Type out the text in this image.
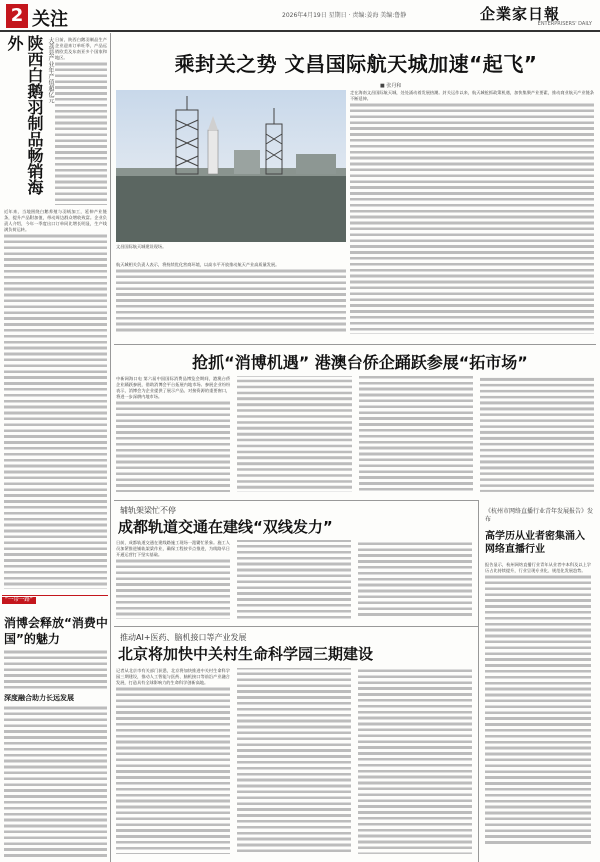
2 关注	2026年4月19日 星期日 · 责编:姜海 美编:鲁静	企業家日報
ENTERPRISERS' DAILY
陕西白鹅羽制品畅销海外	大荔县产业年产值超亿元 日前，陕西白鹅羽制品生产企业迎来订单旺季，产品远销欧美及东南亚多个国家和地区。
近年来，当地围绕白鹅养殖与羽绒加工，延伸产业链条，提升产品附加值，带动周边群众增收致富。企业负责人介绍，今年一季度出口订单同比增长明显，生产线满负荷运转。
“一带一路”
消博会释放“消费中国”的魅力
深度融合助力长远发展
乘封关之势 文昌国际航天城加速“起飞”
■ 张丹和
文昌国际航天城建设现场。
走在海南文昌国际航天城，处处涌动着发展热潮。封关运作以来，航天城抢抓政策机遇，加快集聚产业要素，推动商业航天产业链条不断延伸。
航天城相关负责人表示，将持续优化营商环境，以高水平开放推动航天产业高质量发展。
抢抓“消博机遇” 港澳台侨企踊跃参展“拓市场”
中新网海口电 第六届中国国际消费品博览会期间，港澳台侨企业踊跃参展，借助消博会平台拓展内地市场。参展企业纷纷表示，消博会为企业提供了展示产品、对接资源的重要窗口，将进一步深耕内地市场。
辅轨架梁忙不停
成都轨道交通在建线“双线发力”
日前，成都轨道交通在建线路施工现场一派繁忙景象。施工人员加紧推进铺轨架梁作业，确保工程按节点推进，为线路早日开通运营打下坚实基础。
推动AI+医药、脑机接口等产业发展
北京将加快中关村生命科学园三期建设
记者从北京市有关部门获悉，北京将加快推进中关村生命科学园三期建设，推动人工智能与医药、脑机接口等前沿产业融合发展，打造具有全球影响力的生命科学创新高地。
《杭州市网络直播行业青年发展报告》发布
高学历从业者密集涌入网络直播行业
报告显示，杭州网络直播行业青年从业者中本科及以上学历占比持续提升，行业呈现专业化、规范化发展趋势。
